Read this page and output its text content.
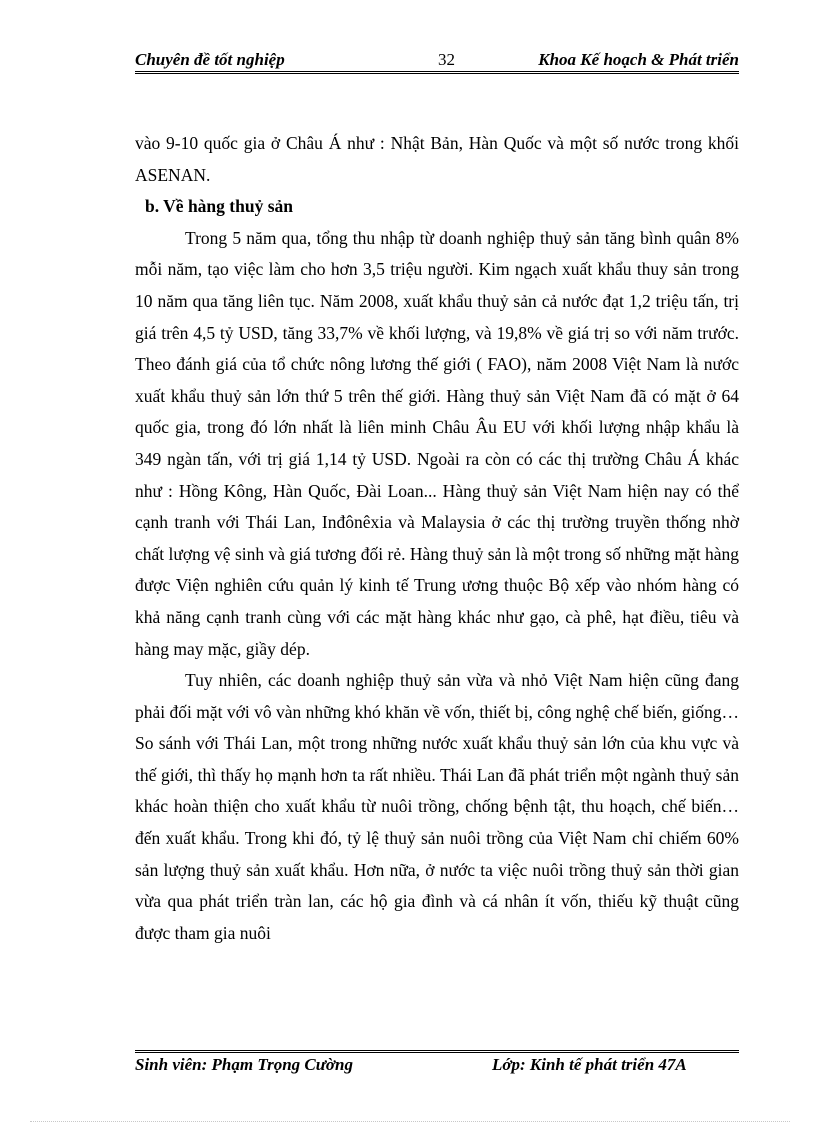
Chuyên đề tốt nghiệp	32	Khoa Kế hoạch & Phát triển

vào 9-10 quốc gia ở Châu Á như : Nhật Bản, Hàn Quốc và một số nước trong khối ASENAN.

b. Về hàng thuỷ sản

Trong 5 năm qua, tổng thu nhập từ doanh nghiệp thuỷ sản tăng bình quân 8% mỗi năm, tạo việc làm cho hơn 3,5 triệu người. Kim ngạch xuất khẩu thuy sản trong 10 năm qua tăng liên tục. Năm 2008, xuất khẩu thuỷ sản cả nước đạt 1,2 triệu tấn, trị giá trên 4,5 tỷ USD, tăng 33,7% về khối lượng, và 19,8% về giá trị so với năm trước. Theo đánh giá của tổ chức nông lương thế giới ( FAO), năm 2008 Việt Nam là nước xuất khẩu thuỷ sản lớn thứ 5 trên thế giới. Hàng thuỷ sản Việt Nam đã có mặt ở 64 quốc gia, trong đó lớn nhất là liên minh Châu Âu EU với khối lượng nhập khẩu là 349 ngàn tấn, với trị giá 1,14 tỷ USD. Ngoài ra còn có các thị trường Châu Á khác như : Hồng Kông, Hàn Quốc, Đài Loan... Hàng thuỷ sản Việt Nam hiện nay có thể cạnh tranh với Thái Lan, Inđônêxia và Malaysia ở các thị trường truyền thống nhờ chất lượng vệ sinh và giá tương đối rẻ. Hàng thuỷ sản là một trong số những mặt hàng được Viện nghiên cứu quản lý kinh tế Trung ương thuộc Bộ xếp vào nhóm hàng có khả năng cạnh tranh cùng với các mặt hàng khác như gạo, cà phê, hạt điều, tiêu và hàng may mặc, giầy dép.

Tuy nhiên, các doanh nghiệp thuỷ sản vừa và nhỏ Việt Nam hiện cũng đang phải đối mặt với vô vàn những khó khăn về vốn, thiết bị, công nghệ chế biến, giống…So sánh với Thái Lan, một trong những nước xuất khẩu thuỷ sản lớn của khu vực và thế giới, thì thấy họ mạnh hơn ta rất nhiều. Thái Lan đã phát triển một ngành thuỷ sản khác hoàn thiện cho xuất khẩu từ nuôi trồng, chống bệnh tật, thu hoạch, chế biến… đến xuất khẩu. Trong khi đó, tỷ lệ thuỷ sản nuôi trồng của Việt Nam chỉ chiếm 60% sản lượng thuỷ sản xuất khẩu. Hơn nữa, ở nước ta việc nuôi trồng thuỷ sản thời gian vừa qua phát triển tràn lan, các hộ gia đình và cá nhân ít vốn, thiếu kỹ thuật cũng được tham gia nuôi

Sinh viên: Phạm Trọng Cường	Lớp: Kinh tế phát triển 47A
